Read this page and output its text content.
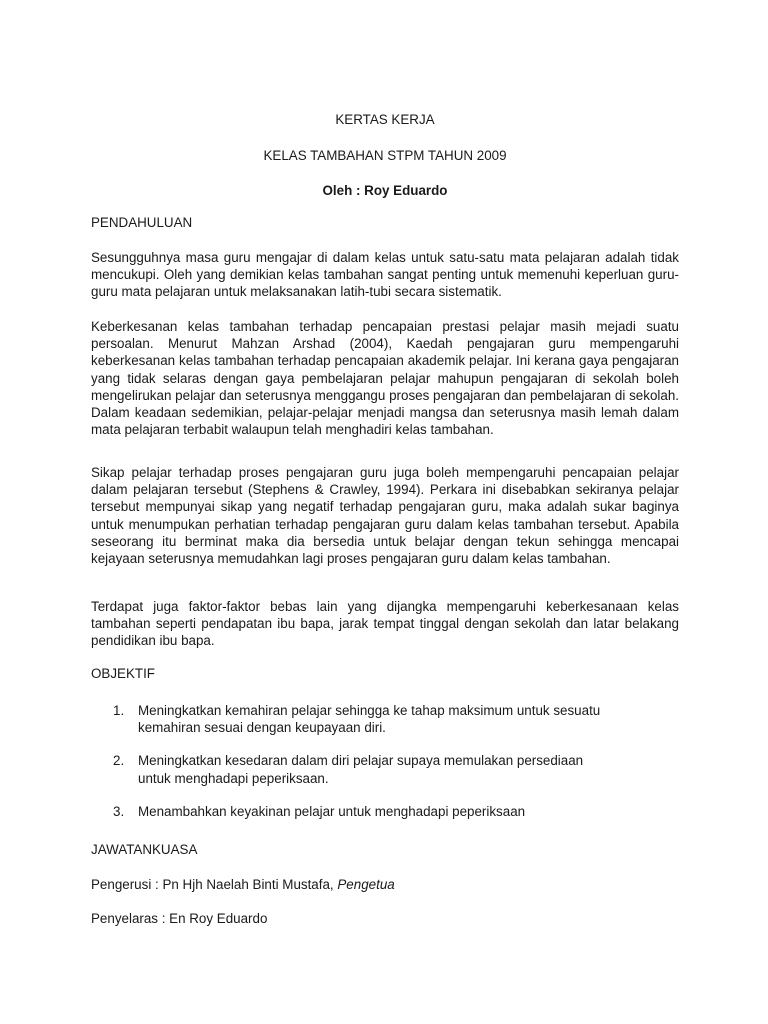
KERTAS KERJA
KELAS TAMBAHAN STPM TAHUN 2009
Oleh : Roy Eduardo
PENDAHULUAN
Sesungguhnya masa guru mengajar di dalam kelas untuk satu-satu mata pelajaran adalah tidak mencukupi. Oleh yang demikian kelas tambahan sangat penting untuk memenuhi keperluan guru-guru mata pelajaran untuk melaksanakan latih-tubi secara sistematik.
Keberkesanan kelas tambahan terhadap pencapaian prestasi pelajar masih mejadi suatu persoalan. Menurut Mahzan Arshad (2004), Kaedah pengajaran guru mempengaruhi keberkesanan kelas tambahan terhadap pencapaian akademik pelajar. Ini kerana gaya pengajaran yang tidak selaras dengan gaya pembelajaran pelajar mahupun pengajaran di sekolah boleh mengelirukan pelajar dan seterusnya menggangu proses pengajaran dan pembelajaran di sekolah. Dalam keadaan sedemikian, pelajar-pelajar menjadi mangsa dan seterusnya masih lemah dalam mata pelajaran terbabit walaupun telah menghadiri kelas tambahan.
Sikap pelajar terhadap proses pengajaran guru juga boleh mempengaruhi pencapaian pelajar dalam pelajaran tersebut (Stephens & Crawley, 1994). Perkara ini disebabkan sekiranya pelajar tersebut mempunyai sikap yang negatif terhadap pengajaran guru, maka adalah sukar baginya untuk menumpukan perhatian terhadap pengajaran guru dalam kelas tambahan tersebut. Apabila seseorang itu berminat maka dia bersedia untuk belajar dengan tekun sehingga mencapai kejayaan seterusnya memudahkan lagi proses pengajaran guru dalam kelas tambahan.
Terdapat juga faktor-faktor bebas lain yang dijangka mempengaruhi keberkesanaan kelas tambahan seperti pendapatan ibu bapa, jarak tempat tinggal dengan sekolah dan latar belakang pendidikan ibu bapa.
OBJEKTIF
1. Meningkatkan kemahiran pelajar sehingga ke tahap maksimum untuk sesuatu kemahiran sesuai dengan keupayaan diri.
2. Meningkatkan kesedaran dalam diri pelajar supaya memulakan persediaan untuk menghadapi peperiksaan.
3. Menambahkan keyakinan pelajar untuk menghadapi peperiksaan
JAWATANKUASA
Pengerusi : Pn Hjh Naelah Binti Mustafa, Pengetua
Penyelaras : En Roy Eduardo
